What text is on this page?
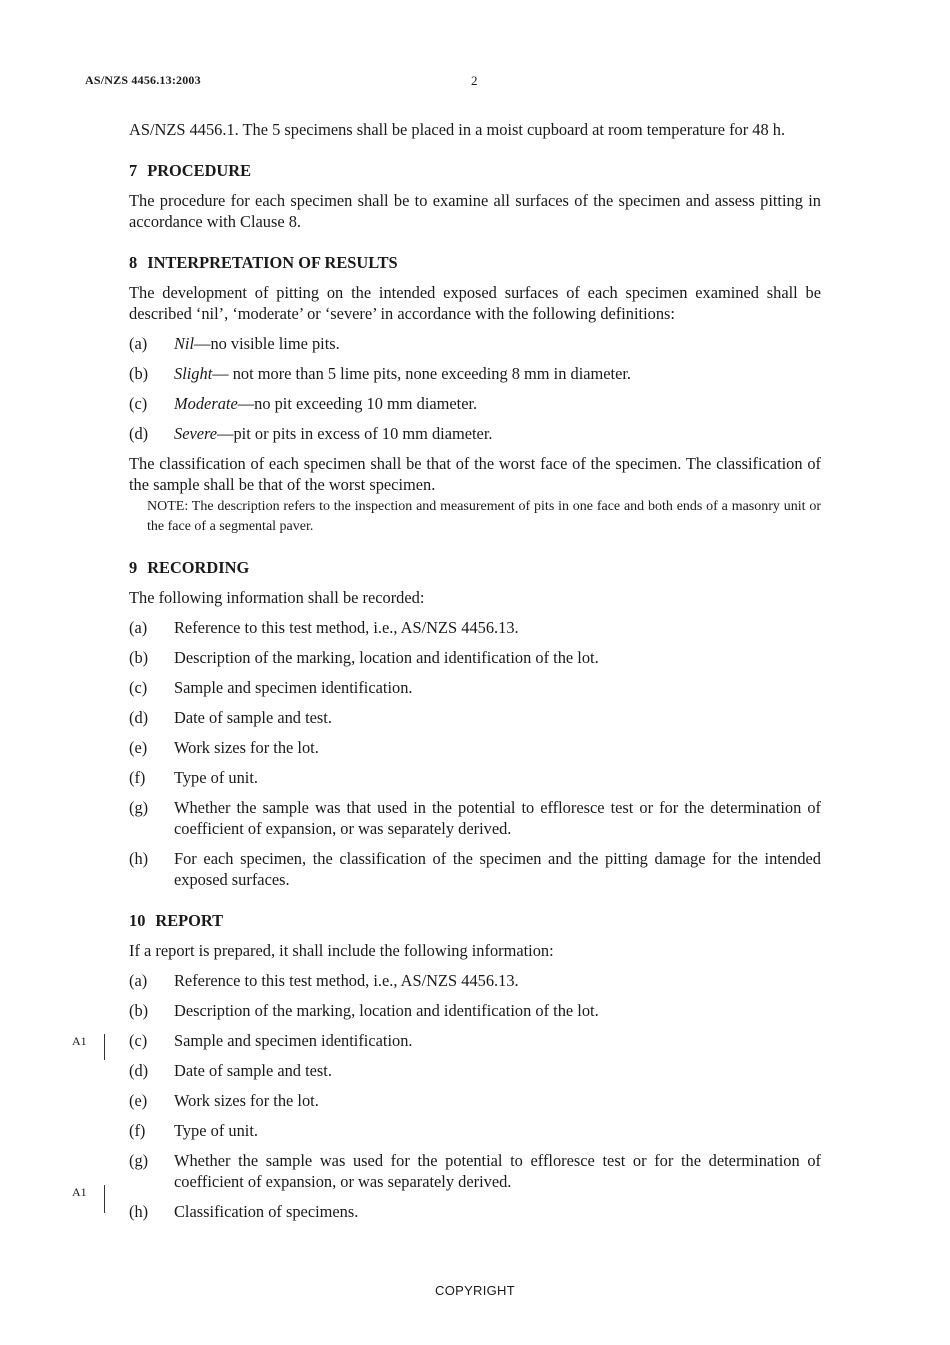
AS/NZS 4456.13:2003	2

AS/NZS 4456.1. The 5 specimens shall be placed in a moist cupboard at room temperature for 48 h.

7 PROCEDURE

The procedure for each specimen shall be to examine all surfaces of the specimen and assess pitting in accordance with Clause 8.

8 INTERPRETATION OF RESULTS

The development of pitting on the intended exposed surfaces of each specimen examined shall be described ‘nil’, ‘moderate’ or ‘severe’ in accordance with the following definitions:

(a)	Nil—no visible lime pits.
(b)	Slight— not more than 5 lime pits, none exceeding 8 mm in diameter.
(c)	Moderate—no pit exceeding 10 mm diameter.
(d)	Severe—pit or pits in excess of 10 mm diameter.

The classification of each specimen shall be that of the worst face of the specimen. The classification of the sample shall be that of the worst specimen.

NOTE: The description refers to the inspection and measurement of pits in one face and both ends of a masonry unit or the face of a segmental paver.

9 RECORDING

The following information shall be recorded:

(a)	Reference to this test method, i.e., AS/NZS 4456.13.
(b)	Description of the marking, location and identification of the lot.
(c)	Sample and specimen identification.
(d)	Date of sample and test.
(e)	Work sizes for the lot.
(f)	Type of unit.
(g)	Whether the sample was that used in the potential to effloresce test or for the determination of coefficient of expansion, or was separately derived.
(h)	For each specimen, the classification of the specimen and the pitting damage for the intended exposed surfaces.
10 REPORT

If a report is prepared, it shall include the following information:

(a)	Reference to this test method, i.e., AS/NZS 4456.13.
(b)	Description of the marking, location and identification of the lot.
(c)	Sample and specimen identification.
(d)	Date of sample and test.
(e)	Work sizes for the lot.
(f)	Type of unit.
(g)	Whether the sample was used for the potential to effloresce test or for the determination of coefficient of expansion, or was separately derived.
(h)	Classification of specimens.
A1
A1
COPYRIGHT
